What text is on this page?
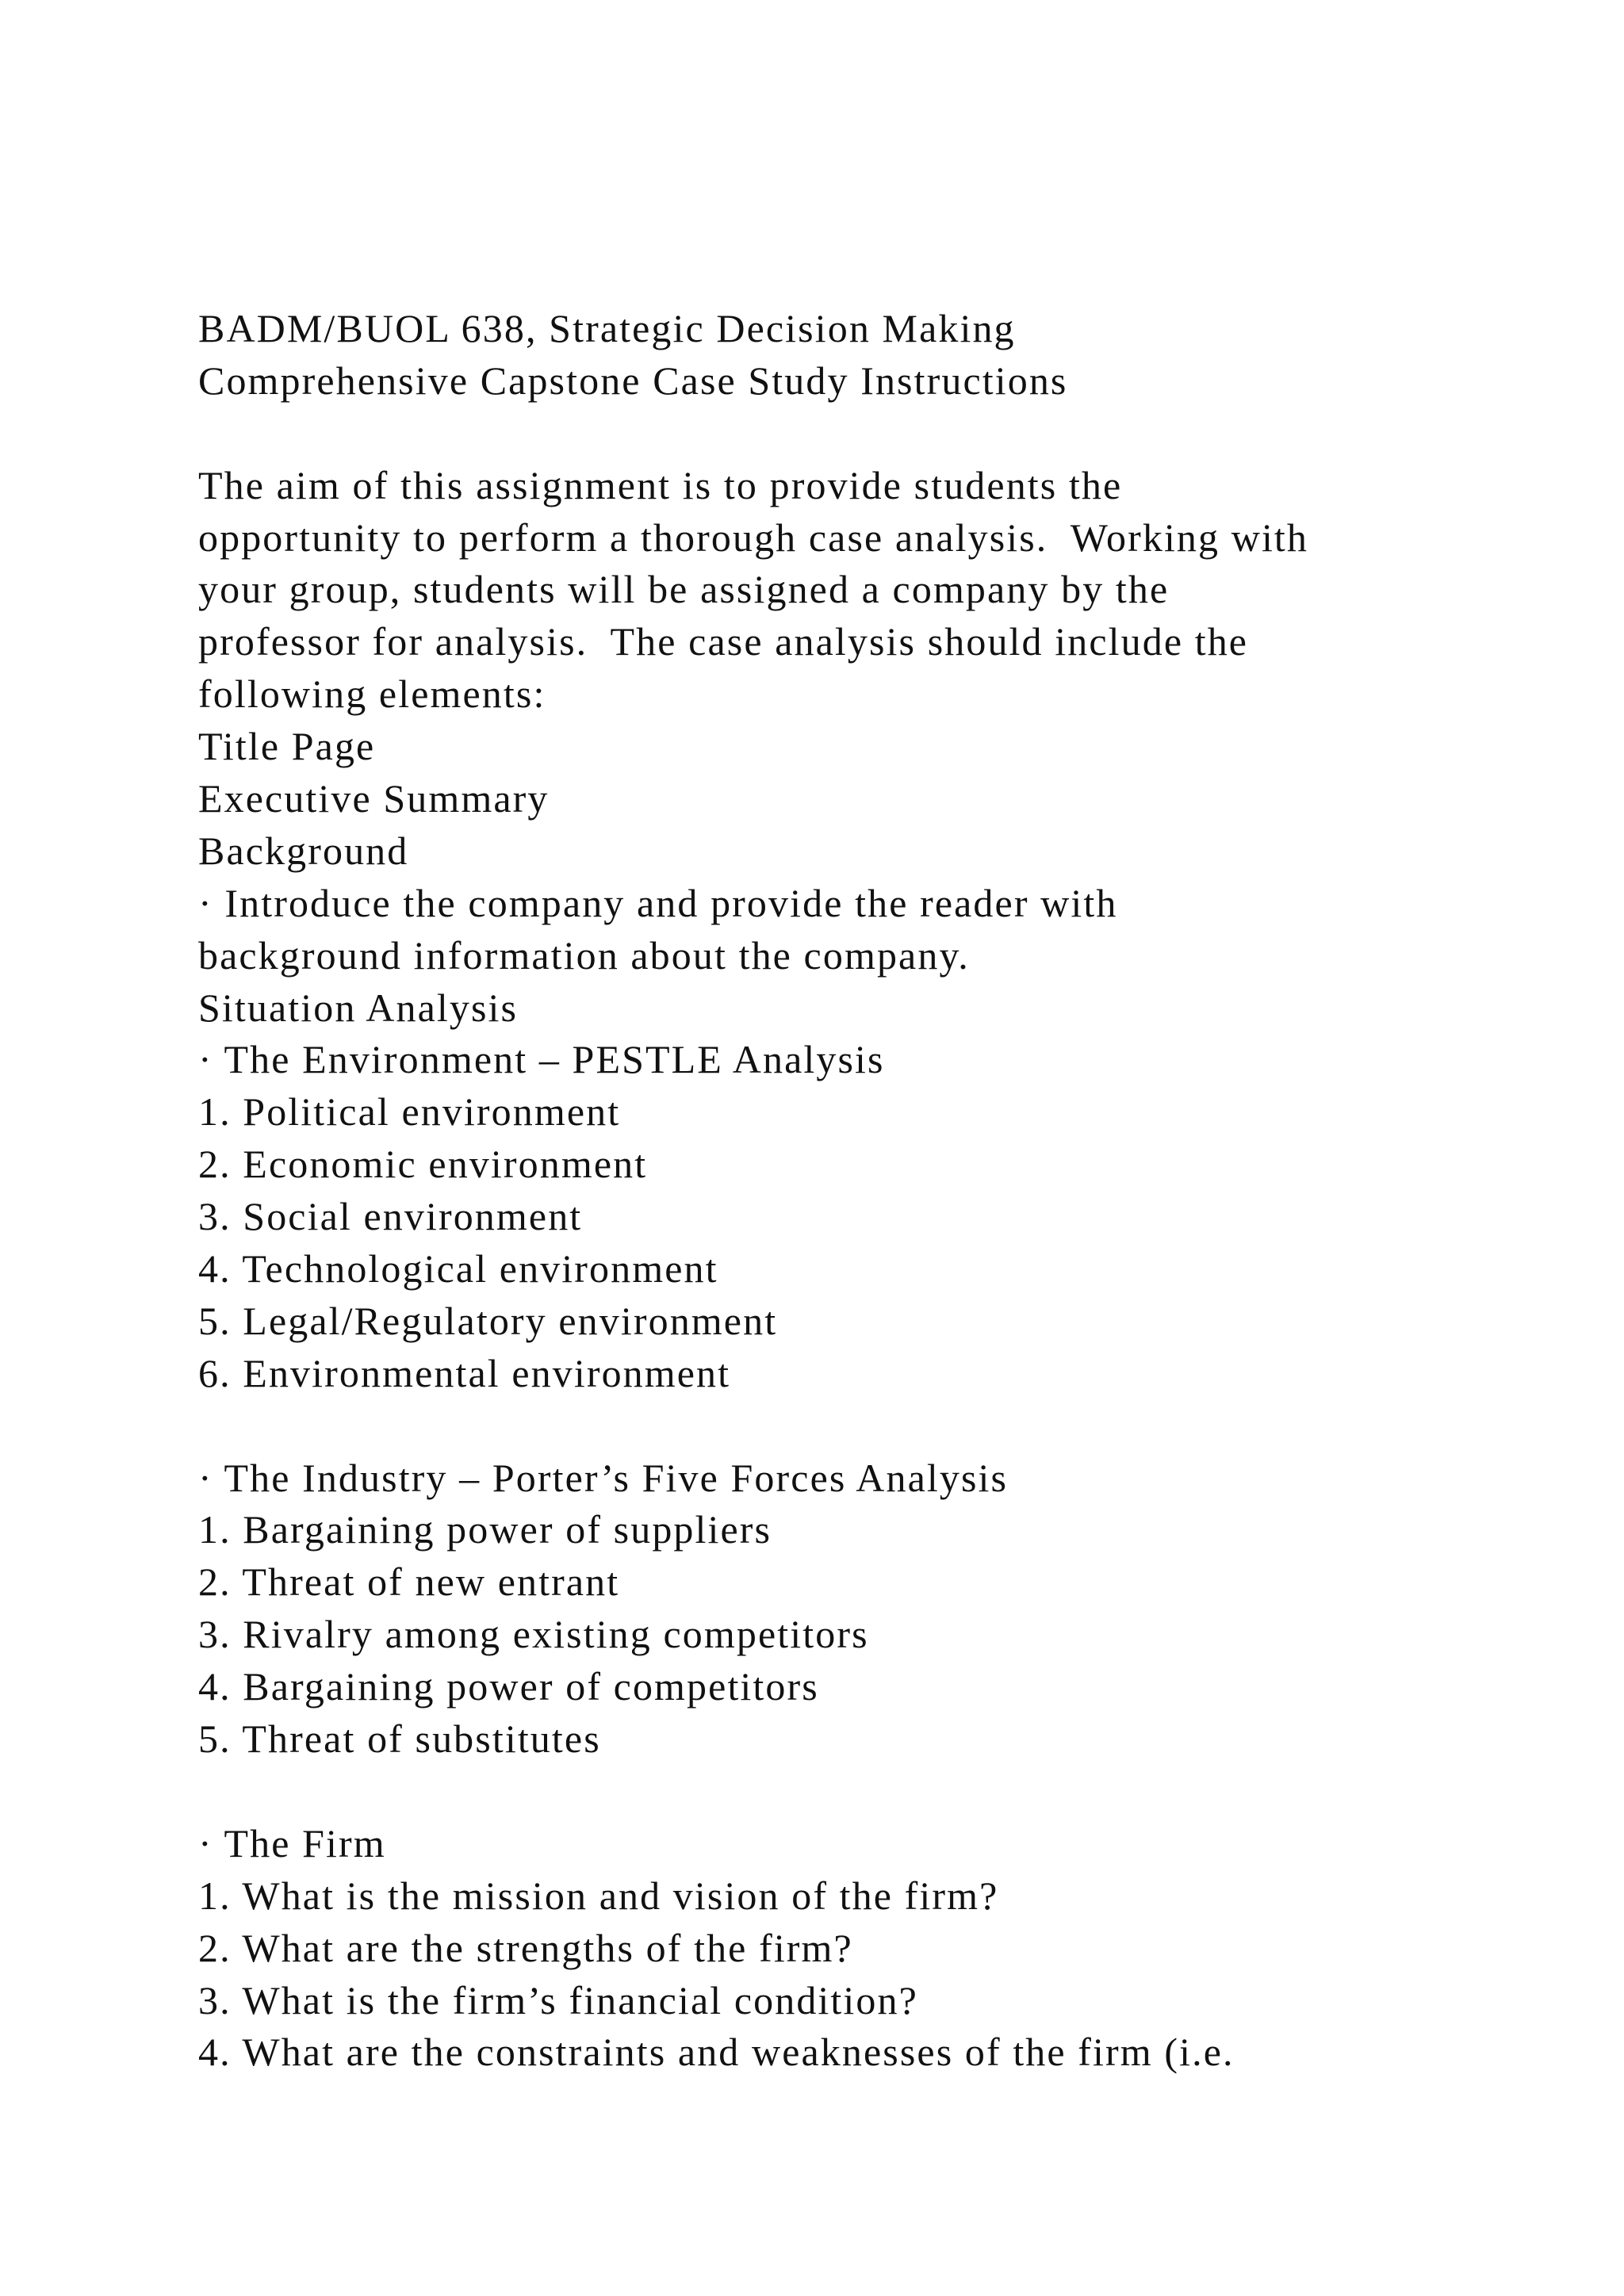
BADM/BUOL 638, Strategic Decision Making

Comprehensive Capstone Case Study Instructions

The aim of this assignment is to provide students the

opportunity to perform a thorough case analysis.  Working with

your group, students will be assigned a company by the

professor for analysis.  The case analysis should include the

following elements:

Title Page

Executive Summary

Background

· Introduce the company and provide the reader with

background information about the company.

Situation Analysis

· The Environment – PESTLE Analysis

1. Political environment

2. Economic environment

3. Social environment

4. Technological environment

5. Legal/Regulatory environment

6. Environmental environment

· The Industry – Porter’s Five Forces Analysis

1. Bargaining power of suppliers

2. Threat of new entrant

3. Rivalry among existing competitors

4. Bargaining power of competitors

5. Threat of substitutes

· The Firm

1. What is the mission and vision of the firm?

2. What are the strengths of the firm?

3. What is the firm’s financial condition?

4. What are the constraints and weaknesses of the firm (i.e.
